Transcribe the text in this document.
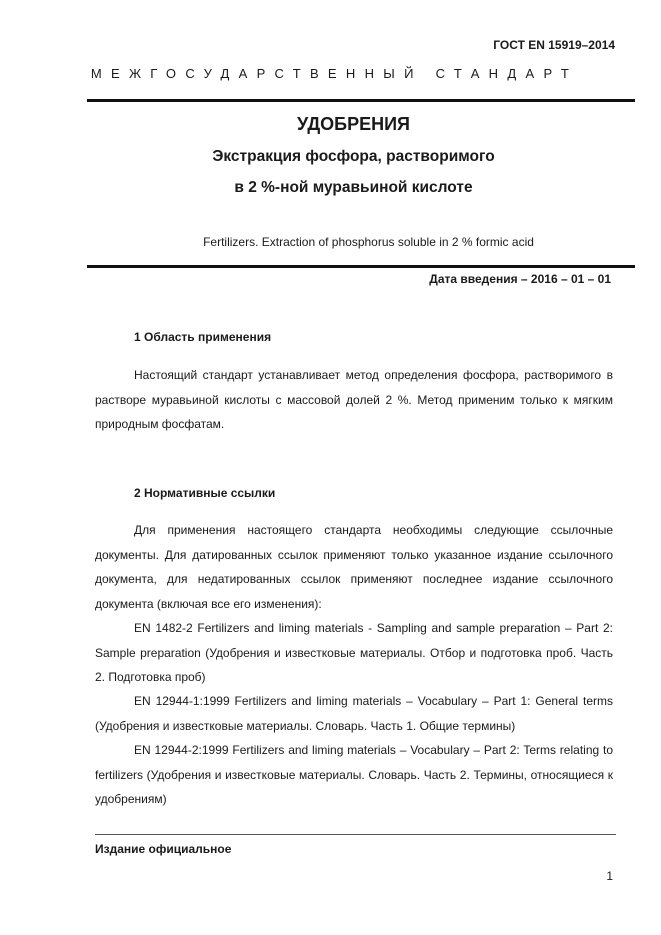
ГОСТ EN 15919–2014
МЕЖГОСУДАРСТВЕННЫЙ СТАНДАРТ
УДОБРЕНИЯ
Экстракция фосфора, растворимого
в 2 %-ной муравьиной кислоте
Fertilizers. Extraction of phosphorus soluble in 2 % formic acid
Дата введения – 2016 – 01 – 01
1 Область применения

Настоящий стандарт устанавливает метод определения фосфора, растворимого в растворе муравьиной кислоты с массовой долей 2 %. Метод применим только к мягким природным фосфатам.

2 Нормативные ссылки

Для применения настоящего стандарта необходимы следующие ссылочные документы. Для датированных ссылок применяют только указанное издание ссылочного документа, для недатированных ссылок применяют последнее издание ссылочного документа (включая все его изменения):

EN 1482-2 Fertilizers and liming materials - Sampling and sample preparation – Part 2: Sample preparation (Удобрения и известковые материалы. Отбор и подготовка проб. Часть 2. Подготовка проб)

EN 12944-1:1999 Fertilizers and liming materials – Vocabulary – Part 1: General terms (Удобрения и известковые материалы. Словарь. Часть 1. Общие термины)

EN 12944-2:1999 Fertilizers and liming materials – Vocabulary – Part 2: Terms relating to fertilizers (Удобрения и известковые материалы. Словарь. Часть 2. Термины, относящиеся к удобрениям)

Издание официальное
1
